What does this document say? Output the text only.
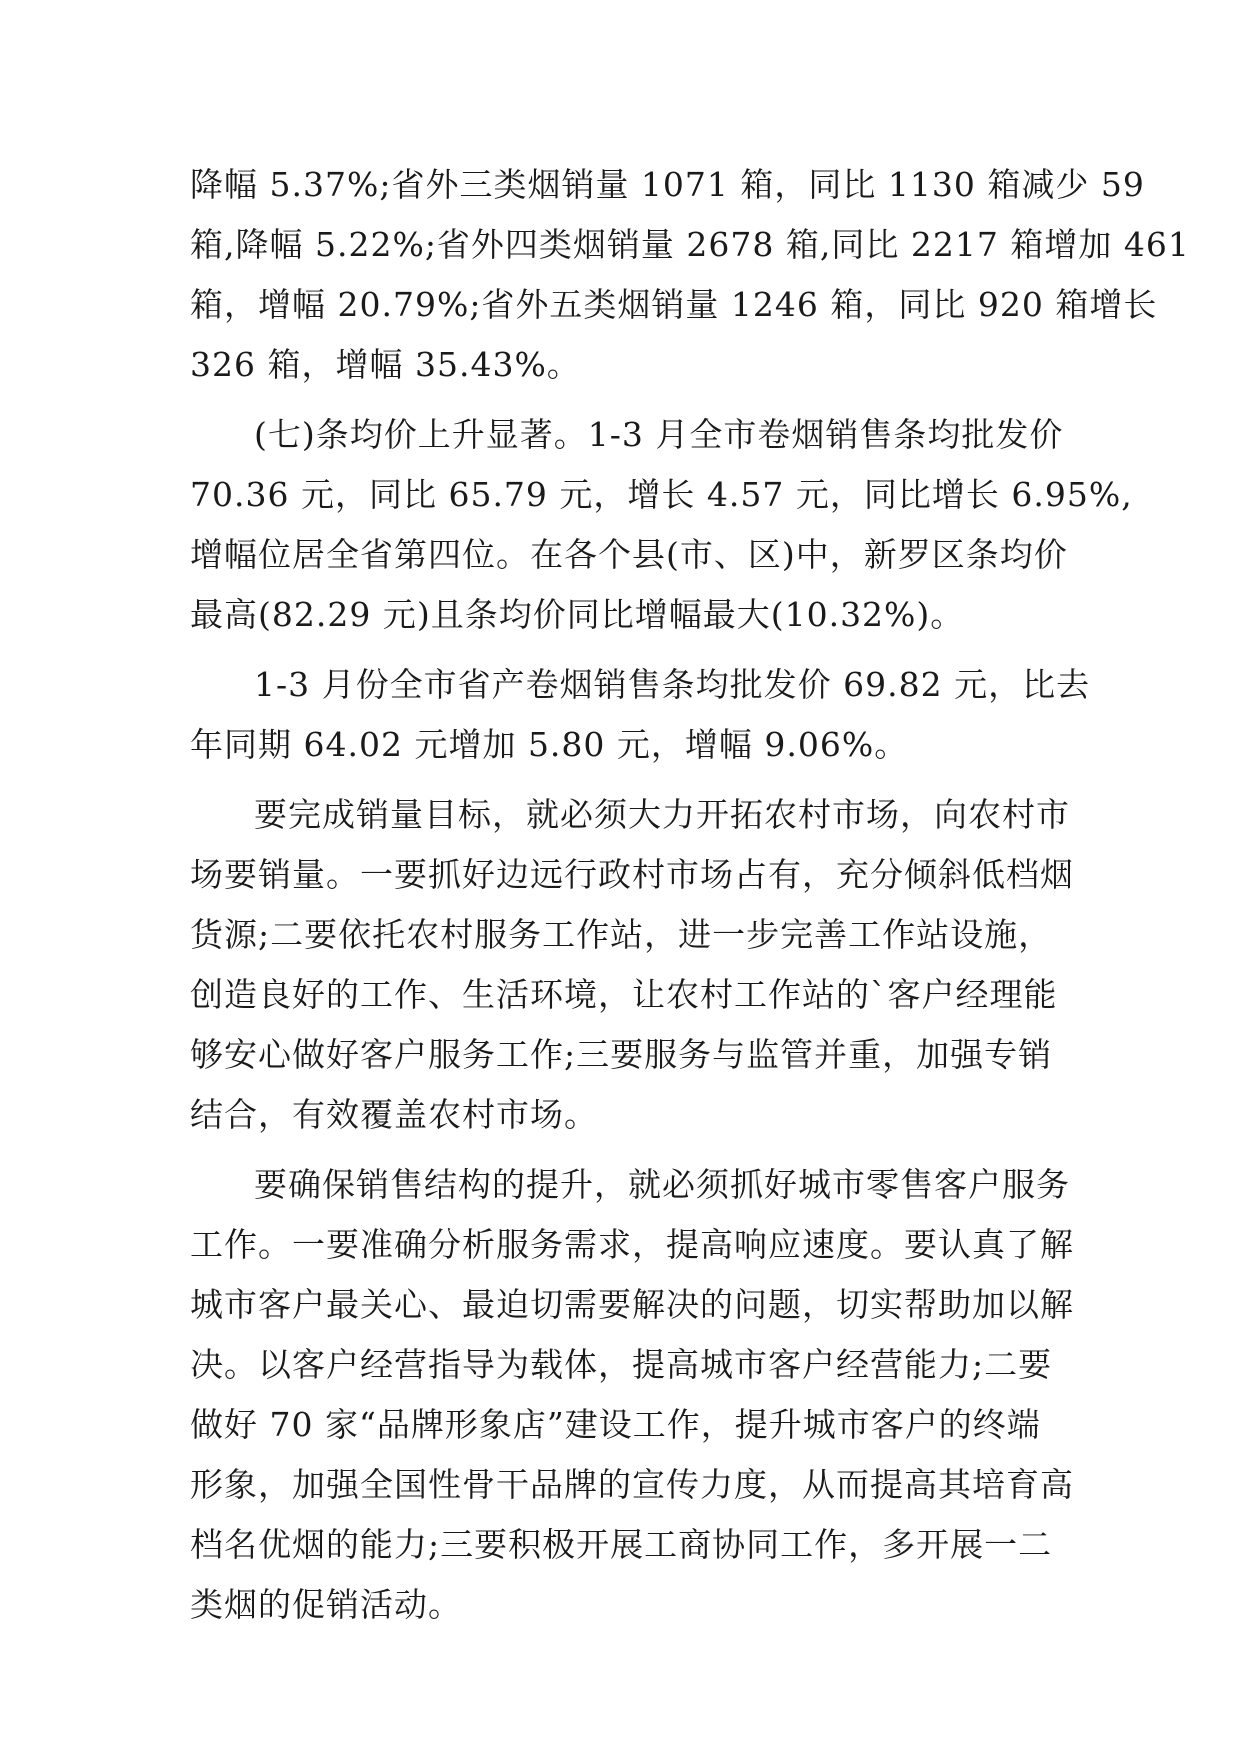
降幅 5.37%;省外三类烟销量 1071 箱，同比 1130 箱减少 59
箱,降幅 5.22%;省外四类烟销量 2678 箱,同比 2217 箱增加 461
箱，增幅 20.79%;省外五类烟销量 1246 箱，同比 920 箱增长
326 箱，增幅 35.43%。

(七)条均价上升显著。1-3 月全市卷烟销售条均批发价
70.36 元，同比 65.79 元，增长 4.57 元，同比增长 6.95%,
增幅位居全省第四位。在各个县(市、区)中，新罗区条均价
最高(82.29 元)且条均价同比增幅最大(10.32%)。

1-3 月份全市省产卷烟销售条均批发价 69.82 元，比去
年同期 64.02 元增加 5.80 元，增幅 9.06%。

要完成销量目标，就必须大力开拓农村市场，向农村市
场要销量。一要抓好边远行政村市场占有，充分倾斜低档烟
货源;二要依托农村服务工作站，进一步完善工作站设施，
创造良好的工作、生活环境，让农村工作站的`客户经理能
够安心做好客户服务工作;三要服务与监管并重，加强专销
结合，有效覆盖农村市场。

要确保销售结构的提升，就必须抓好城市零售客户服务
工作。一要准确分析服务需求，提高响应速度。要认真了解
城市客户最关心、最迫切需要解决的问题，切实帮助加以解
决。以客户经营指导为载体，提高城市客户经营能力;二要
做好 70 家“品牌形象店”建设工作，提升城市客户的终端
形象，加强全国性骨干品牌的宣传力度，从而提高其培育高
档名优烟的能力;三要积极开展工商协同工作，多开展一二
类烟的促销活动。
